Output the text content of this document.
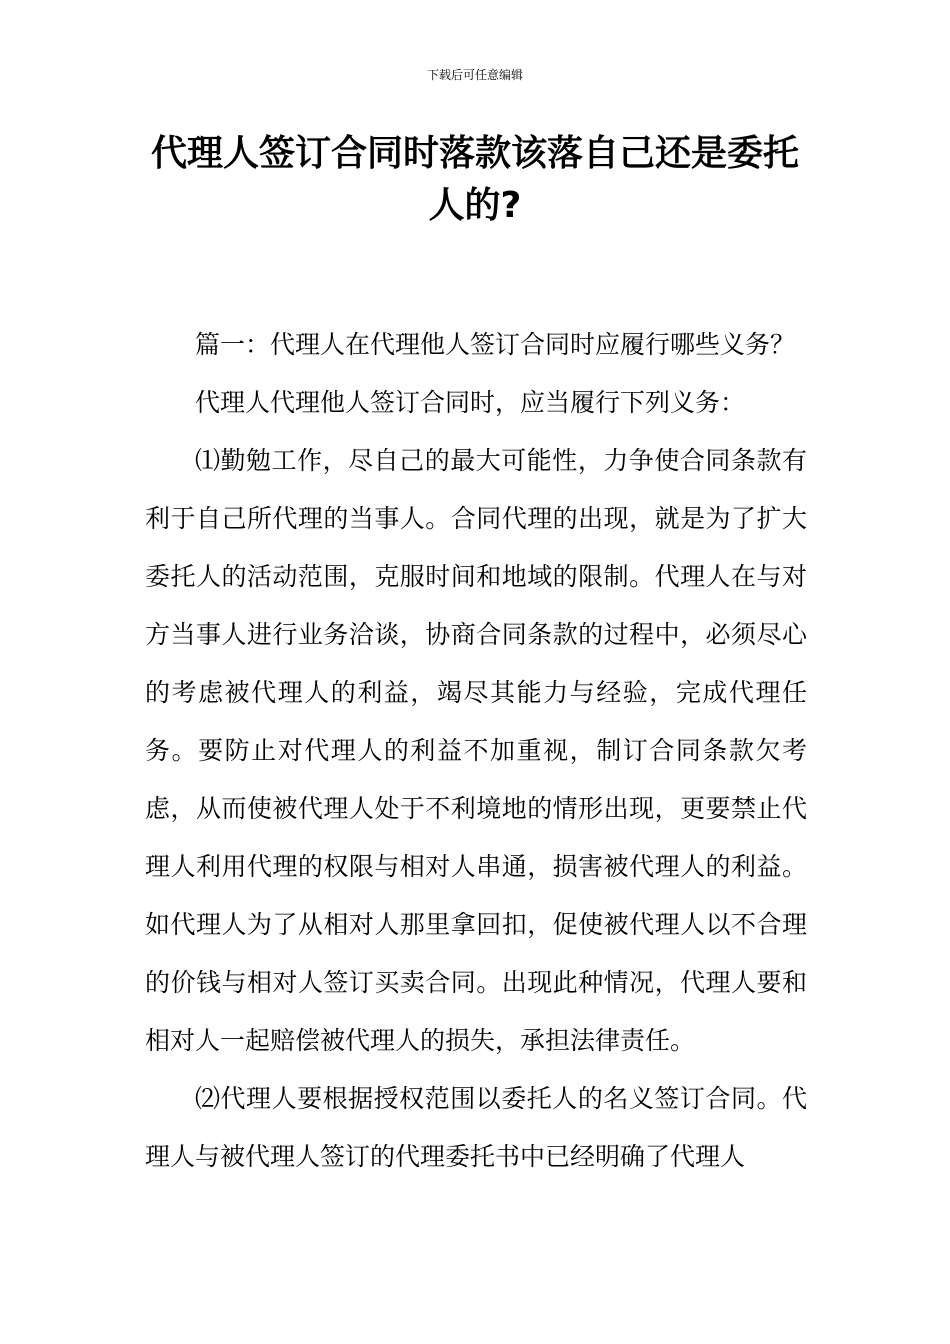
下载后可任意编辑
代理人签订合同时落款该落自己还是委托人的?

篇一：代理人在代理他人签订合同时应履行哪些义务？

代理人代理他人签订合同时，应当履行下列义务：

⑴勤勉工作，尽自己的最大可能性，力争使合同条款有利于自己所代理的当事人。合同代理的出现，就是为了扩大委托人的活动范围，克服时间和地域的限制。代理人在与对方当事人进行业务洽谈，协商合同条款的过程中，必须尽心的考虑被代理人的利益，竭尽其能力与经验，完成代理任务。要防止对代理人的利益不加重视，制订合同条款欠考虑，从而使被代理人处于不利境地的情形出现，更要禁止代理人利用代理的权限与相对人串通，损害被代理人的利益。如代理人为了从相对人那里拿回扣，促使被代理人以不合理的价钱与相对人签订买卖合同。出现此种情况，代理人要和相对人一起赔偿被代理人的损失，承担法律责任。

⑵代理人要根据授权范围以委托人的名义签订合同。代理人与被代理人签订的代理委托书中已经明确了代理人
